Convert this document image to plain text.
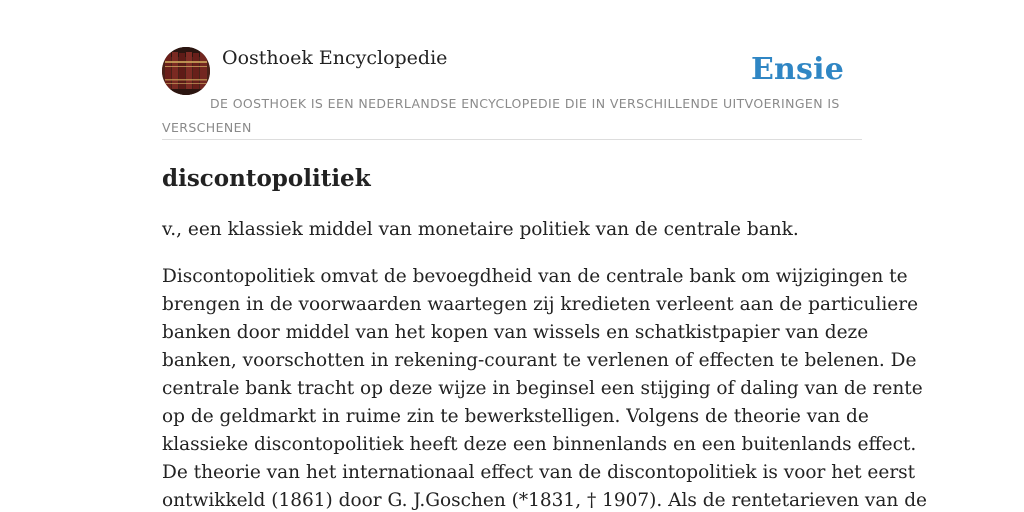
Oosthoek Encyclopedie	Ensie
DE OOSTHOEK IS EEN NEDERLANDSE ENCYCLOPEDIE DIE IN VERSCHILLENDE UITVOERINGEN IS VERSCHENEN
discontopolitiek

v., een klassiek middel van monetaire politiek van de centrale bank.

Discontopolitiek omvat de bevoegdheid van de centrale bank om wijzigingen te
brengen in de voorwaarden waartegen zij kredieten verleent aan de particuliere
banken door middel van het kopen van wissels en schatkistpapier van deze
banken, voorschotten in rekening-courant te verlenen of effecten te belenen. De
centrale bank tracht op deze wijze in beginsel een stijging of daling van de rente
op de geldmarkt in ruime zin te bewerkstelligen. Volgens de theorie van de
klassieke discontopolitiek heeft deze een binnenlands en een buitenlands effect.
De theorie van het internationaal effect van de discontopolitiek is voor het eerst
ontwikkeld (1861) door G. J.Goschen (*1831, † 1907). Als de rentetarieven van de
